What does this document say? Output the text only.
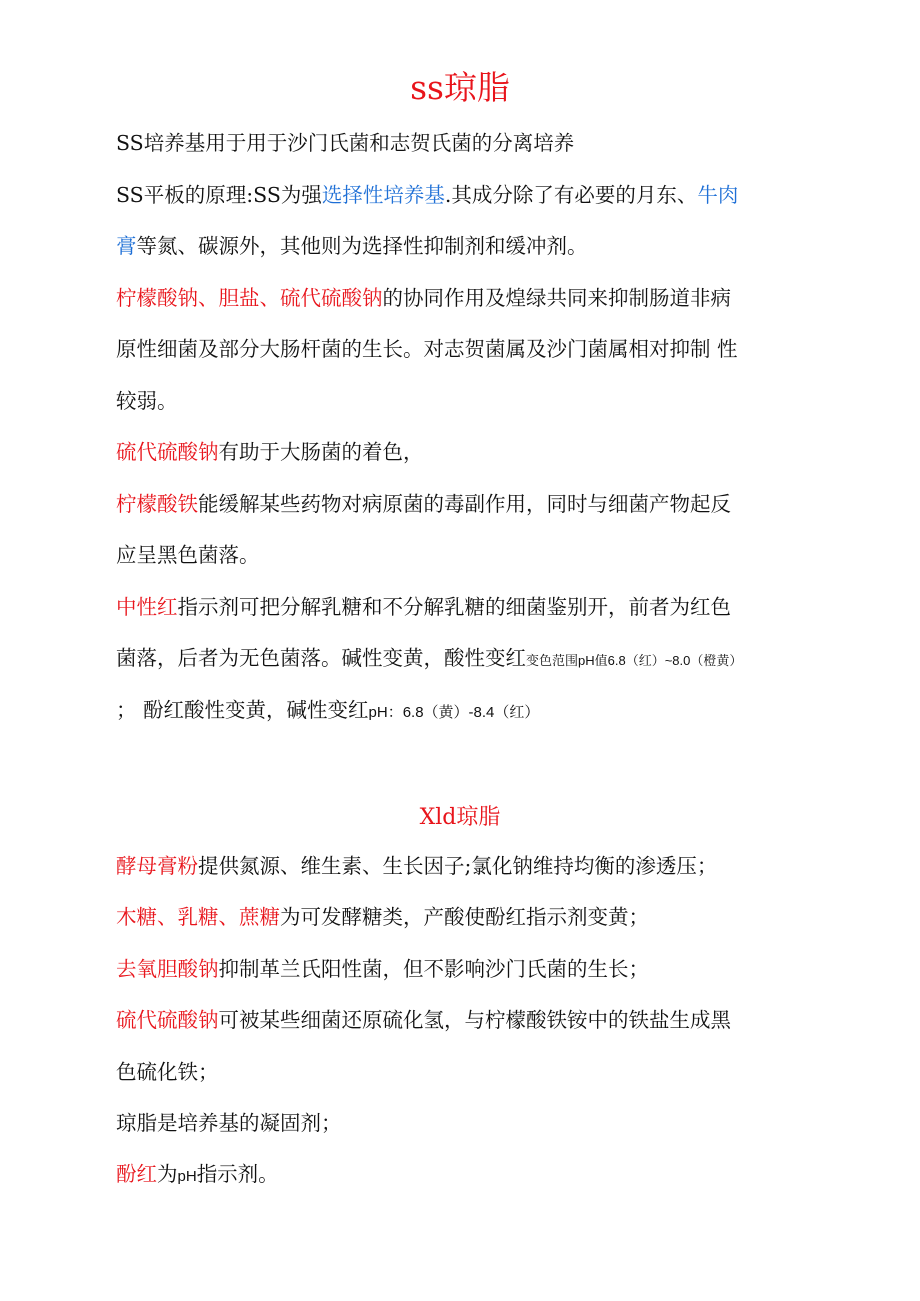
ss琼脂
SS培养基用于用于沙门氏菌和志贺氏菌的分离培养
SS平板的原理:SS为强选择性培养基.其成分除了有必要的月东、牛肉
膏等氮、碳源外，其他则为选择性抑制剂和缓冲剂。
柠檬酸钠、胆盐、硫代硫酸钠的协同作用及煌绿共同来抑制肠道非病
原性细菌及部分大肠杆菌的生长。对志贺菌属及沙门菌属相对抑制 性
较弱。
硫代硫酸钠有助于大肠菌的着色，
柠檬酸铁能缓解某些药物对病原菌的毒副作用，同时与细菌产物起反
应呈黑色菌落。
中性红指示剂可把分解乳糖和不分解乳糖的细菌鉴别开，前者为红色
菌落，后者为无色菌落。碱性变黄，酸性变红变色范围pH值6.8（红）~8.0（橙黄）
； 酚红酸性变黄，碱性变红pH：6.8（黄）-8.4（红）
Xld琼脂
酵母膏粉提供氮源、维生素、生长因子;氯化钠维持均衡的渗透压；
木糖、乳糖、蔗糖为可发酵糖类，产酸使酚红指示剂变黄；
去氧胆酸钠抑制革兰氏阳性菌，但不影响沙门氏菌的生长；
硫代硫酸钠可被某些细菌还原硫化氢，与柠檬酸铁铵中的铁盐生成黑
色硫化铁；
琼脂是培养基的凝固剂；
酚红为pH指示剂。
